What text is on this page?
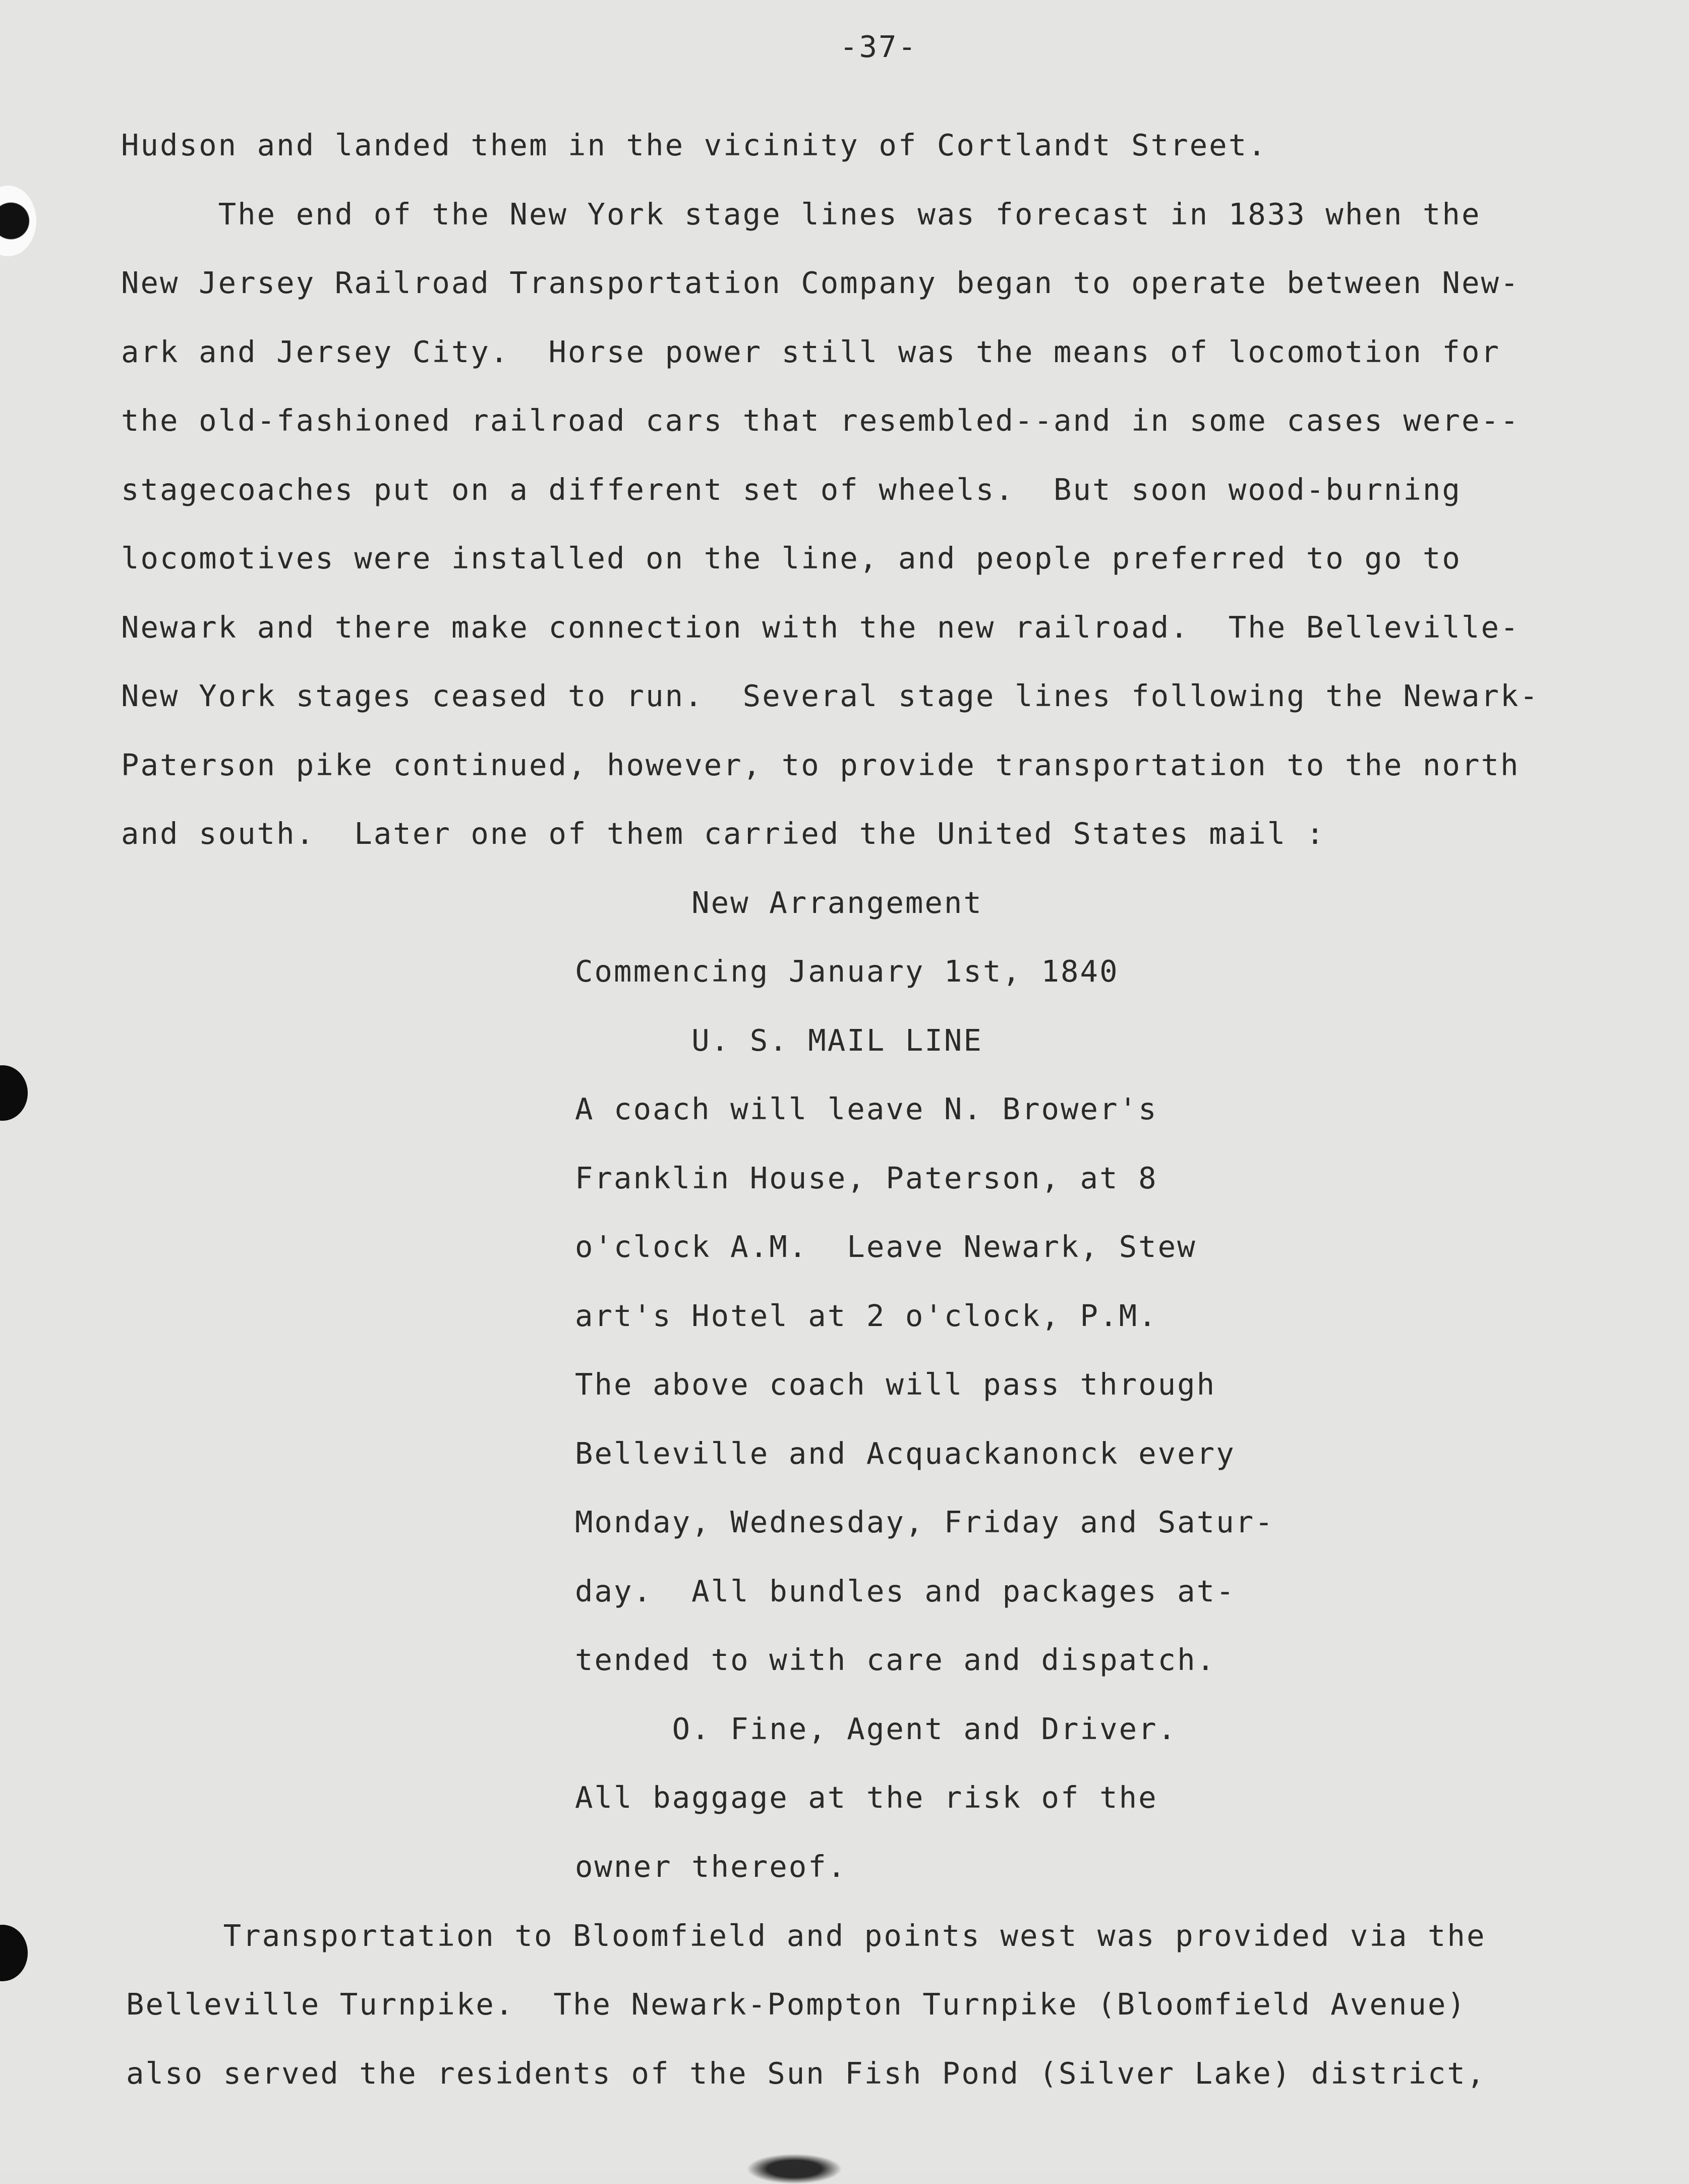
-37-
Hudson and landed them in the vicinity of Cortlandt Street.
The end of the New York stage lines was forecast in 1833 when the
New Jersey Railroad Transportation Company began to operate between New-
ark and Jersey City.  Horse power still was the means of locomotion for
the old-fashioned railroad cars that resembled--and in some cases were--
stagecoaches put on a different set of wheels.  But soon wood-burning
locomotives were installed on the line, and people preferred to go to
Newark and there make connection with the new railroad.  The Belleville-
New York stages ceased to run.  Several stage lines following the Newark-
Paterson pike continued, however, to provide transportation to the north
and south.  Later one of them carried the United States mail :
New Arrangement
Commencing January 1st, 1840
U. S. MAIL LINE
A coach will leave N. Brower's
Franklin House, Paterson, at 8
o'clock A.M.  Leave Newark, Stew
art's Hotel at 2 o'clock, P.M.
The above coach will pass through
Belleville and Acquackanonck every
Monday, Wednesday, Friday and Satur-
day.  All bundles and packages at-
tended to with care and dispatch.
O. Fine, Agent and Driver.
All baggage at the risk of the
owner thereof.
Transportation to Bloomfield and points west was provided via the
Belleville Turnpike.  The Newark-Pompton Turnpike (Bloomfield Avenue)
also served the residents of the Sun Fish Pond (Silver Lake) district,
